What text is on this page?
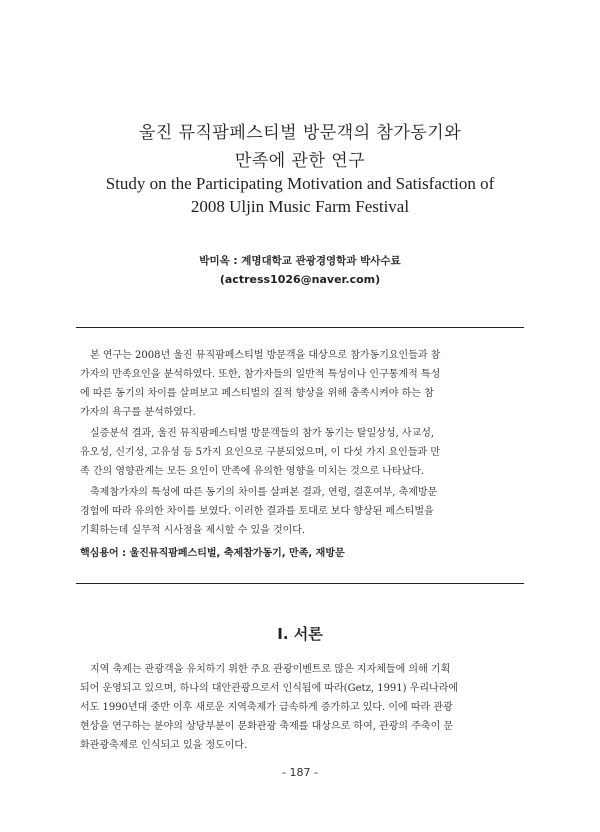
울진 뮤직팜페스티벌 방문객의 참가동기와
만족에 관한 연구
Study on the Participating Motivation and Satisfaction of
2008 Uljin Music Farm Festival
박미옥 : 계명대학교 관광경영학과 박사수료
(actress1026@naver.com)
본 연구는 2008년 울진 뮤직팜페스티벌 방문객을 대상으로 참가동기요인들과 참
가자의 만족요인을 분석하였다. 또한, 참가자들의 일반적 특성이나 인구통계적 특성
에 따른 동기의 차이를 살펴보고 페스티벌의 질적 향상을 위해 충족시켜야 하는 참
가자의 욕구를 분석하였다.
실증분석 결과, 울진 뮤직팜페스티벌 방문객들의 참가 동기는 탈일상성, 사교성,
유오성, 신기성, 고유성 등 5가지 요인으로 구분되었으며, 이 다섯 가지 요인들과 만
족 간의 영향관계는 모든 요인이 만족에 유의한 영향을 미치는 것으로 나타났다.
축제참가자의 특성에 따른 동기의 차이를 살펴본 결과, 연령, 결혼여부, 축제방문
경험에 따라 유의한 차이를 보였다. 이러한 결과를 토대로 보다 향상된 페스티벌을
기획하는데 실무적 시사점을 제시할 수 있을 것이다.
핵심용어 : 울진뮤직팜페스티벌, 축제참가동기, 만족, 재방문
Ⅰ. 서론
지역 축제는 관광객을 유치하기 위한 주요 관광이벤트로 많은 지자체들에 의해 기획
되어 운영되고 있으며, 하나의 대안관광으로서 인식됨에 따라(Getz, 1991) 우리나라에
서도 1990년대 중반 이후 새로운 지역축제가 급속하게 증가하고 있다. 이에 따라 관광
현상을 연구하는 분야의 상당부분이 문화관광 축제를 대상으로 하여, 관광의 주축이 문
화관광축제로 인식되고 있을 정도이다.
- 187 -
